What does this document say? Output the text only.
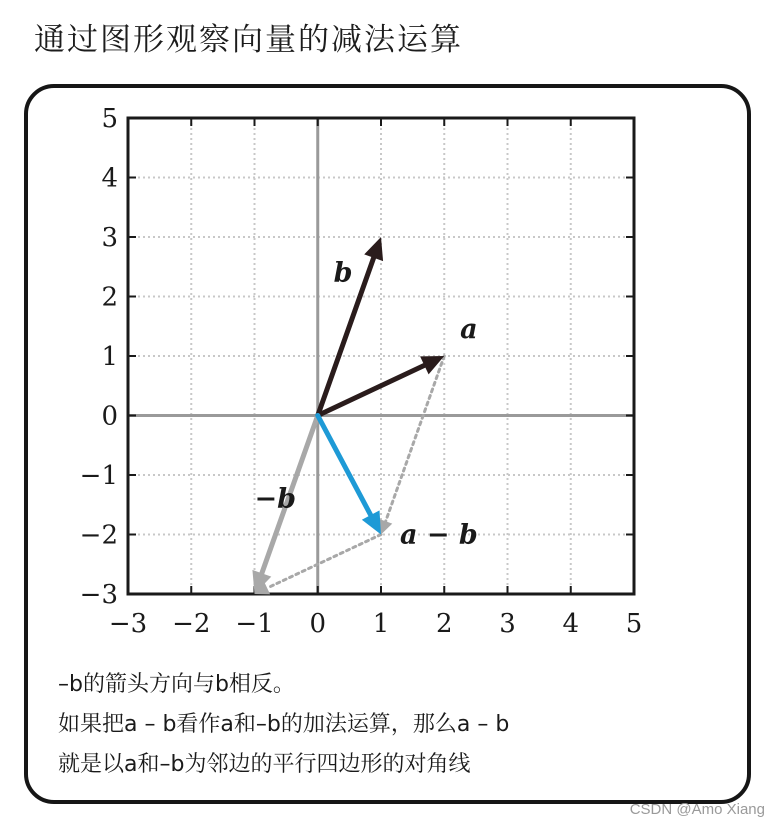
通过图形观察向量的减法运算
−3 −2 −1 0 1 2 3 4 5
5
4
3
2
1
0
−1
−2
−3
a
b
−b
a − b
–b的箭头方向与b相反。
如果把a – b看作a和–b的加法运算，那么a – b
就是以a和–b为邻边的平行四边形的对角线
CSDN @Amo Xiang
